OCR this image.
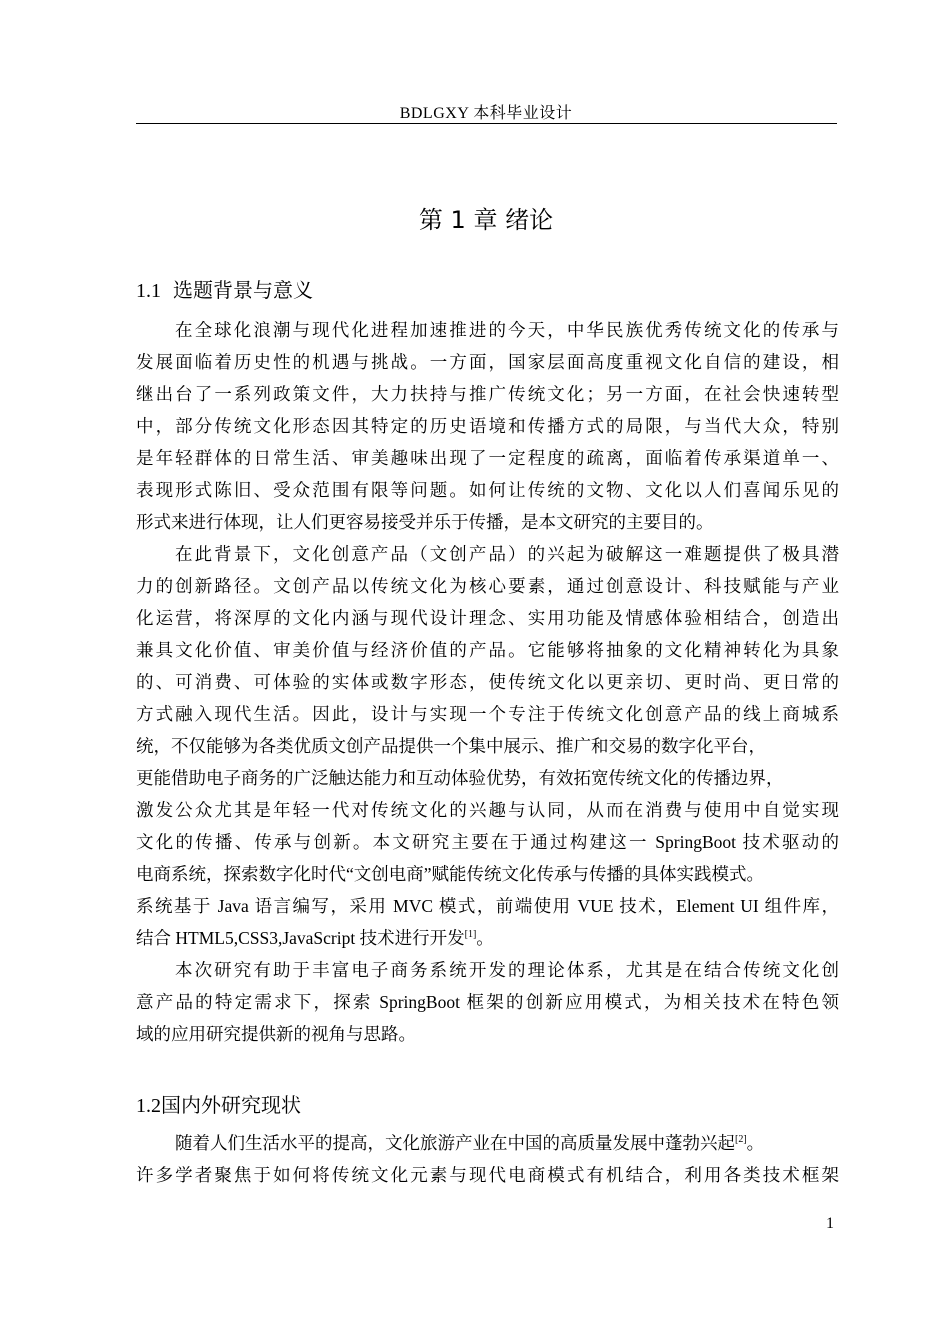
BDLGXY 本科毕业设计
第 1 章 绪论
1.1 选题背景与意义
在全球化浪潮与现代化进程加速推进的今天，中华民族优秀传统文化的传承与
发展面临着历史性的机遇与挑战。一方面，国家层面高度重视文化自信的建设，相
继出台了一系列政策文件，大力扶持与推广传统文化；另一方面，在社会快速转型
中，部分传统文化形态因其特定的历史语境和传播方式的局限，与当代大众，特别
是年轻群体的日常生活、审美趣味出现了一定程度的疏离，面临着传承渠道单一、
表现形式陈旧、受众范围有限等问题。如何让传统的文物、文化以人们喜闻乐见的
形式来进行体现，让人们更容易接受并乐于传播，是本文研究的主要目的。
在此背景下，文化创意产品（文创产品）的兴起为破解这一难题提供了极具潜
力的创新路径。文创产品以传统文化为核心要素，通过创意设计、科技赋能与产业
化运营，将深厚的文化内涵与现代设计理念、实用功能及情感体验相结合，创造出
兼具文化价值、审美价值与经济价值的产品。它能够将抽象的文化精神转化为具象
的、可消费、可体验的实体或数字形态，使传统文化以更亲切、更时尚、更日常的
方式融入现代生活。因此，设计与实现一个专注于传统文化创意产品的线上商城系
统，不仅能够为各类优质文创产品提供一个集中展示、推广和交易的数字化平台，
更能借助电子商务的广泛触达能力和互动体验优势，有效拓宽传统文化的传播边界，
激发公众尤其是年轻一代对传统文化的兴趣与认同，从而在消费与使用中自觉实现
文化的传播、传承与创新。本文研究主要在于通过构建这一 SpringBoot 技术驱动的
电商系统，探索数字化时代“文创电商”赋能传统文化传承与传播的具体实践模式。
系统基于 Java 语言编写，采用 MVC 模式，前端使用 VUE 技术，Element UI 组件库，
结合 HTML5,CSS3,JavaScript 技术进行开发[1]。
本次研究有助于丰富电子商务系统开发的理论体系，尤其是在结合传统文化创
意产品的特定需求下，探索 SpringBoot 框架的创新应用模式，为相关技术在特色领
域的应用研究提供新的视角与思路。
1.2国内外研究现状
随着人们生活水平的提高，文化旅游产业在中国的高质量发展中蓬勃兴起[2]。
许多学者聚焦于如何将传统文化元素与现代电商模式有机结合，利用各类技术框架
1
